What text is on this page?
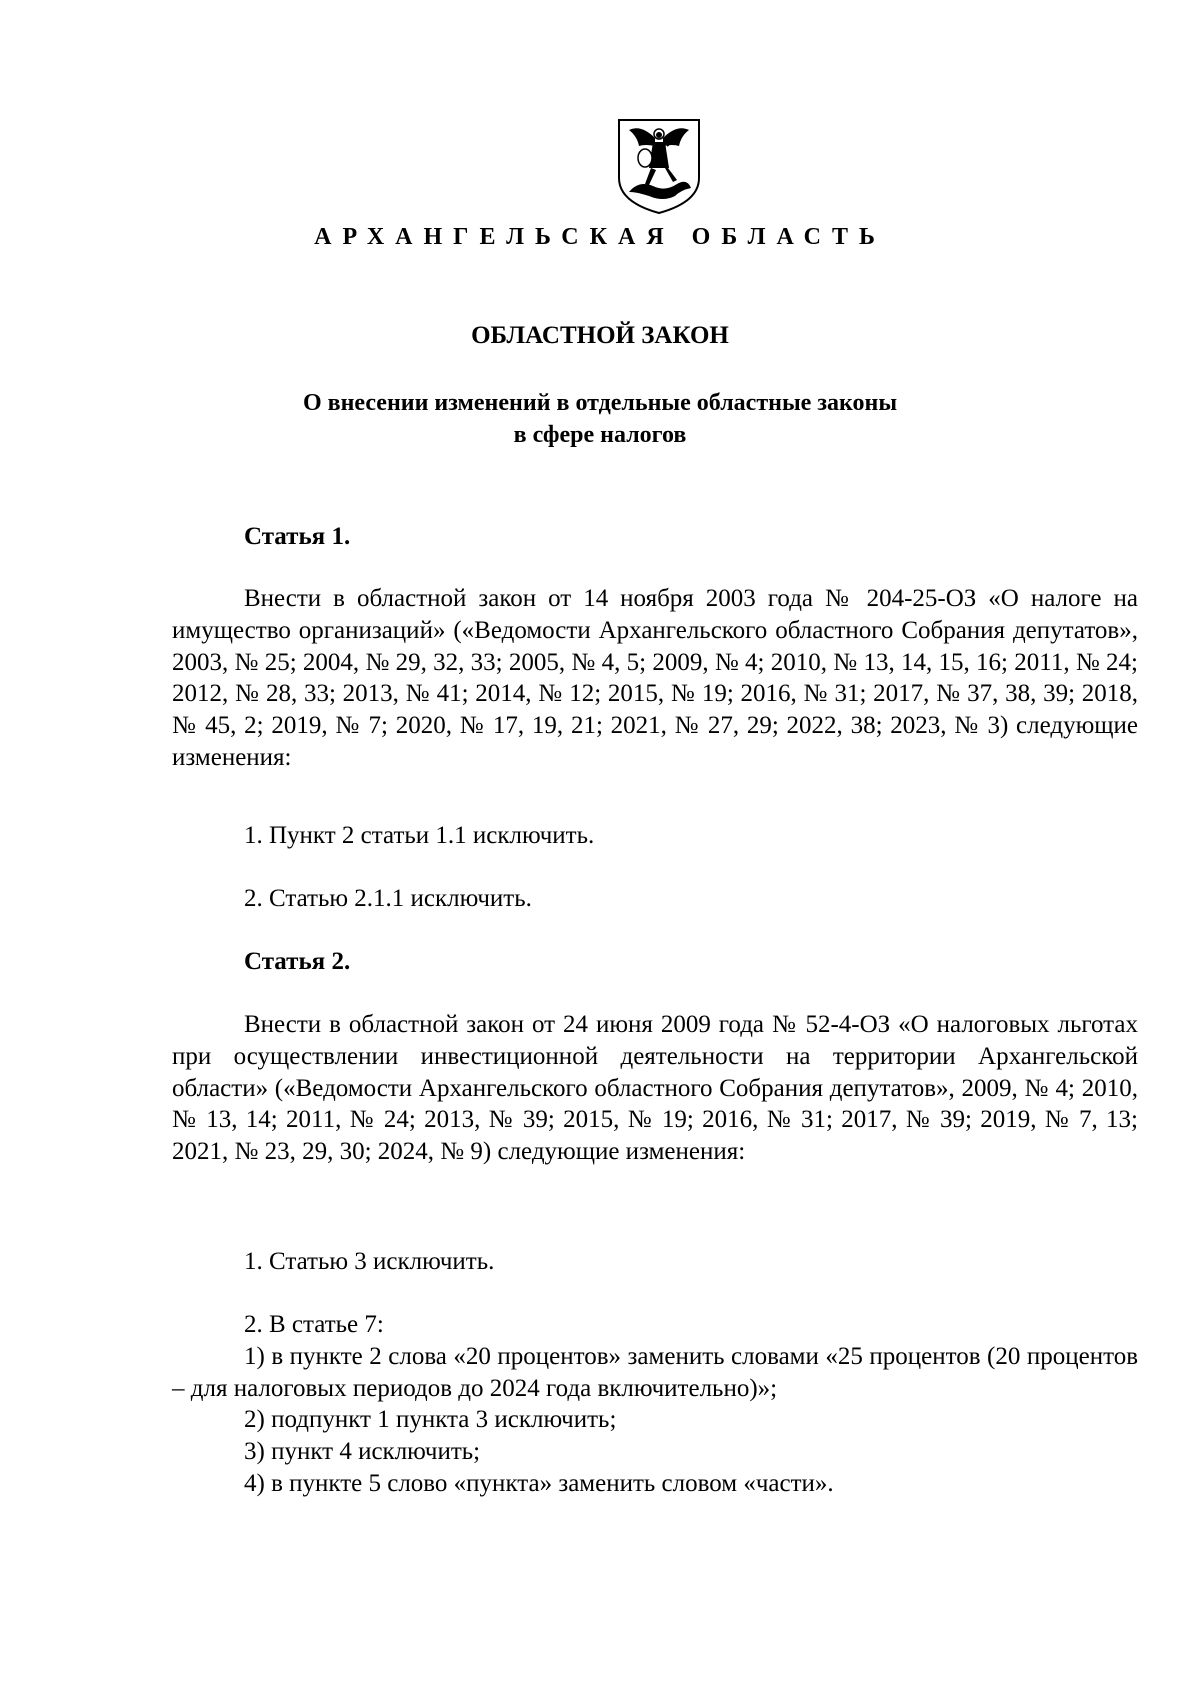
АРХАНГЕЛЬСКАЯ ОБЛАСТЬ
ОБЛАСТНОЙ ЗАКОН
О внесении изменений в отдельные областные законы
в сфере налогов
Статья 1.
Внести в областной закон от 14 ноября 2003 года № 204-25-ОЗ «О налоге на имущество организаций» («Ведомости Архангельского областного Собрания депутатов», 2003, № 25; 2004, № 29, 32, 33; 2005, № 4, 5; 2009, № 4; 2010, № 13, 14, 15, 16; 2011, № 24; 2012, № 28, 33; 2013, № 41; 2014, № 12; 2015, № 19; 2016, № 31; 2017, № 37, 38, 39; 2018, № 45, 2; 2019, № 7; 2020, № 17, 19, 21; 2021, № 27, 29; 2022, 38; 2023, № 3) следующие изменения:
1. Пункт 2 статьи 1.1 исключить.
2. Статью 2.1.1 исключить.
Статья 2.
Внести в областной закон от 24 июня 2009 года № 52-4-ОЗ «О налоговых льготах при осуществлении инвестиционной деятельности на территории Архангельской области» («Ведомости Архангельского областного Собрания депутатов», 2009, № 4; 2010, № 13, 14; 2011, № 24; 2013, № 39; 2015, № 19; 2016, № 31; 2017, № 39; 2019, № 7, 13; 2021, № 23, 29, 30; 2024, № 9) следующие изменения:
1. Статью 3 исключить.
2. В статье 7:
1) в пункте 2 слова «20 процентов» заменить словами «25 процентов (20 процентов – для налоговых периодов до 2024 года включительно)»;
2) подпункт 1 пункта 3 исключить;
3) пункт 4 исключить;
4) в пункте 5 слово «пункта» заменить словом «части».
